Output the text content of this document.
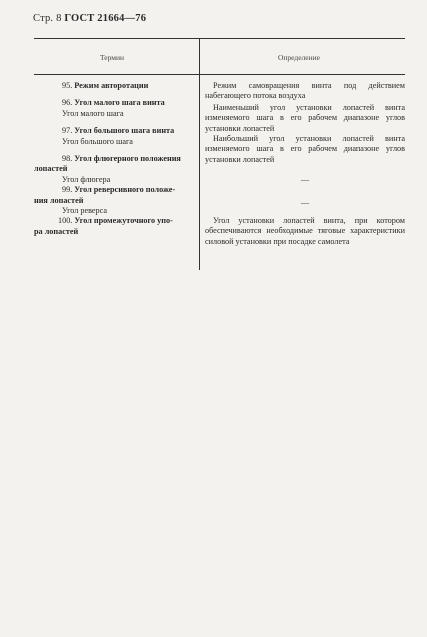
Стр. 8 ГОСТ 21664—76
Термин	Определение

95. Режим авторотации

96. Угол малого шага винта

Угол малого шага

97. Угол большого шага винта

Угол большого шага

98. Угол флюгерного положения

лопастей

Угол флюгера

99. Угол реверсивного положе-

ния лопастей

Угол реверса

100. Угол промежуточного упо-

ра лопастей

Режим самовращения винта под действием набегающего потока воздуха

Наименьший угол установки лопастей винта изменяемого шага в его рабочем диапазоне углов установки лопастей

Наибольший угол установки лопастей винта изменяемого шага в его рабочем диапазоне углов установки лопастей

—

—

Угол установки лопастей винта, при котором обеспечиваются необходимые тяговые характеристики силовой установки при посадке самолета
